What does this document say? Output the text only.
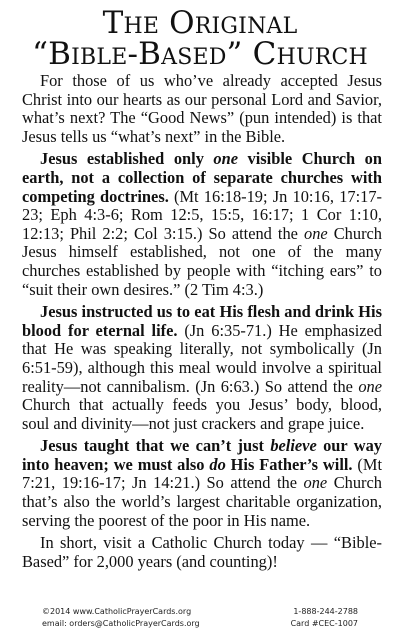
The Original
“Bible-Based” Church

For those of us who’ve already accepted Jesus Christ into our hearts as our personal Lord and Savior, what’s next? The “Good News” (pun intended) is that Jesus tells us “what’s next” in the Bible.

Jesus established only one visible Church on earth, not a collection of separate churches with competing doctrines. (Mt 16:18-19; Jn 10:16, 17:17-23; Eph 4:3-6; Rom 12:5, 15:5, 16:17; 1 Cor 1:10, 12:13; Phil 2:2; Col 3:15.) So attend the one Church Jesus himself established, not one of the many churches established by people with “itching ears” to “suit their own desires.” (2 Tim 4:3.)

Jesus instructed us to eat His flesh and drink His blood for eternal life. (Jn 6:35-71.) He emphasized that He was speaking literally, not symbolically (Jn 6:51-59), although this meal would involve a spiritual reality—not cannibalism. (Jn 6:63.) So attend the one Church that actually feeds you Jesus’ body, blood, soul and divinity—not just crackers and grape juice.

Jesus taught that we can’t just believe our way into heaven; we must also do His Father’s will. (Mt 7:21, 19:16-17; Jn 14:21.) So attend the one Church that’s also the world’s largest charitable organization, serving the poorest of the poor in His name.

In short, visit a Catholic Church today — “Bible-Based” for 2,000 years (and counting)!

©2014 www.CatholicPrayerCards.org	1-888-244-2788
email: orders@CatholicPrayerCards.org	Card #CEC-1007
